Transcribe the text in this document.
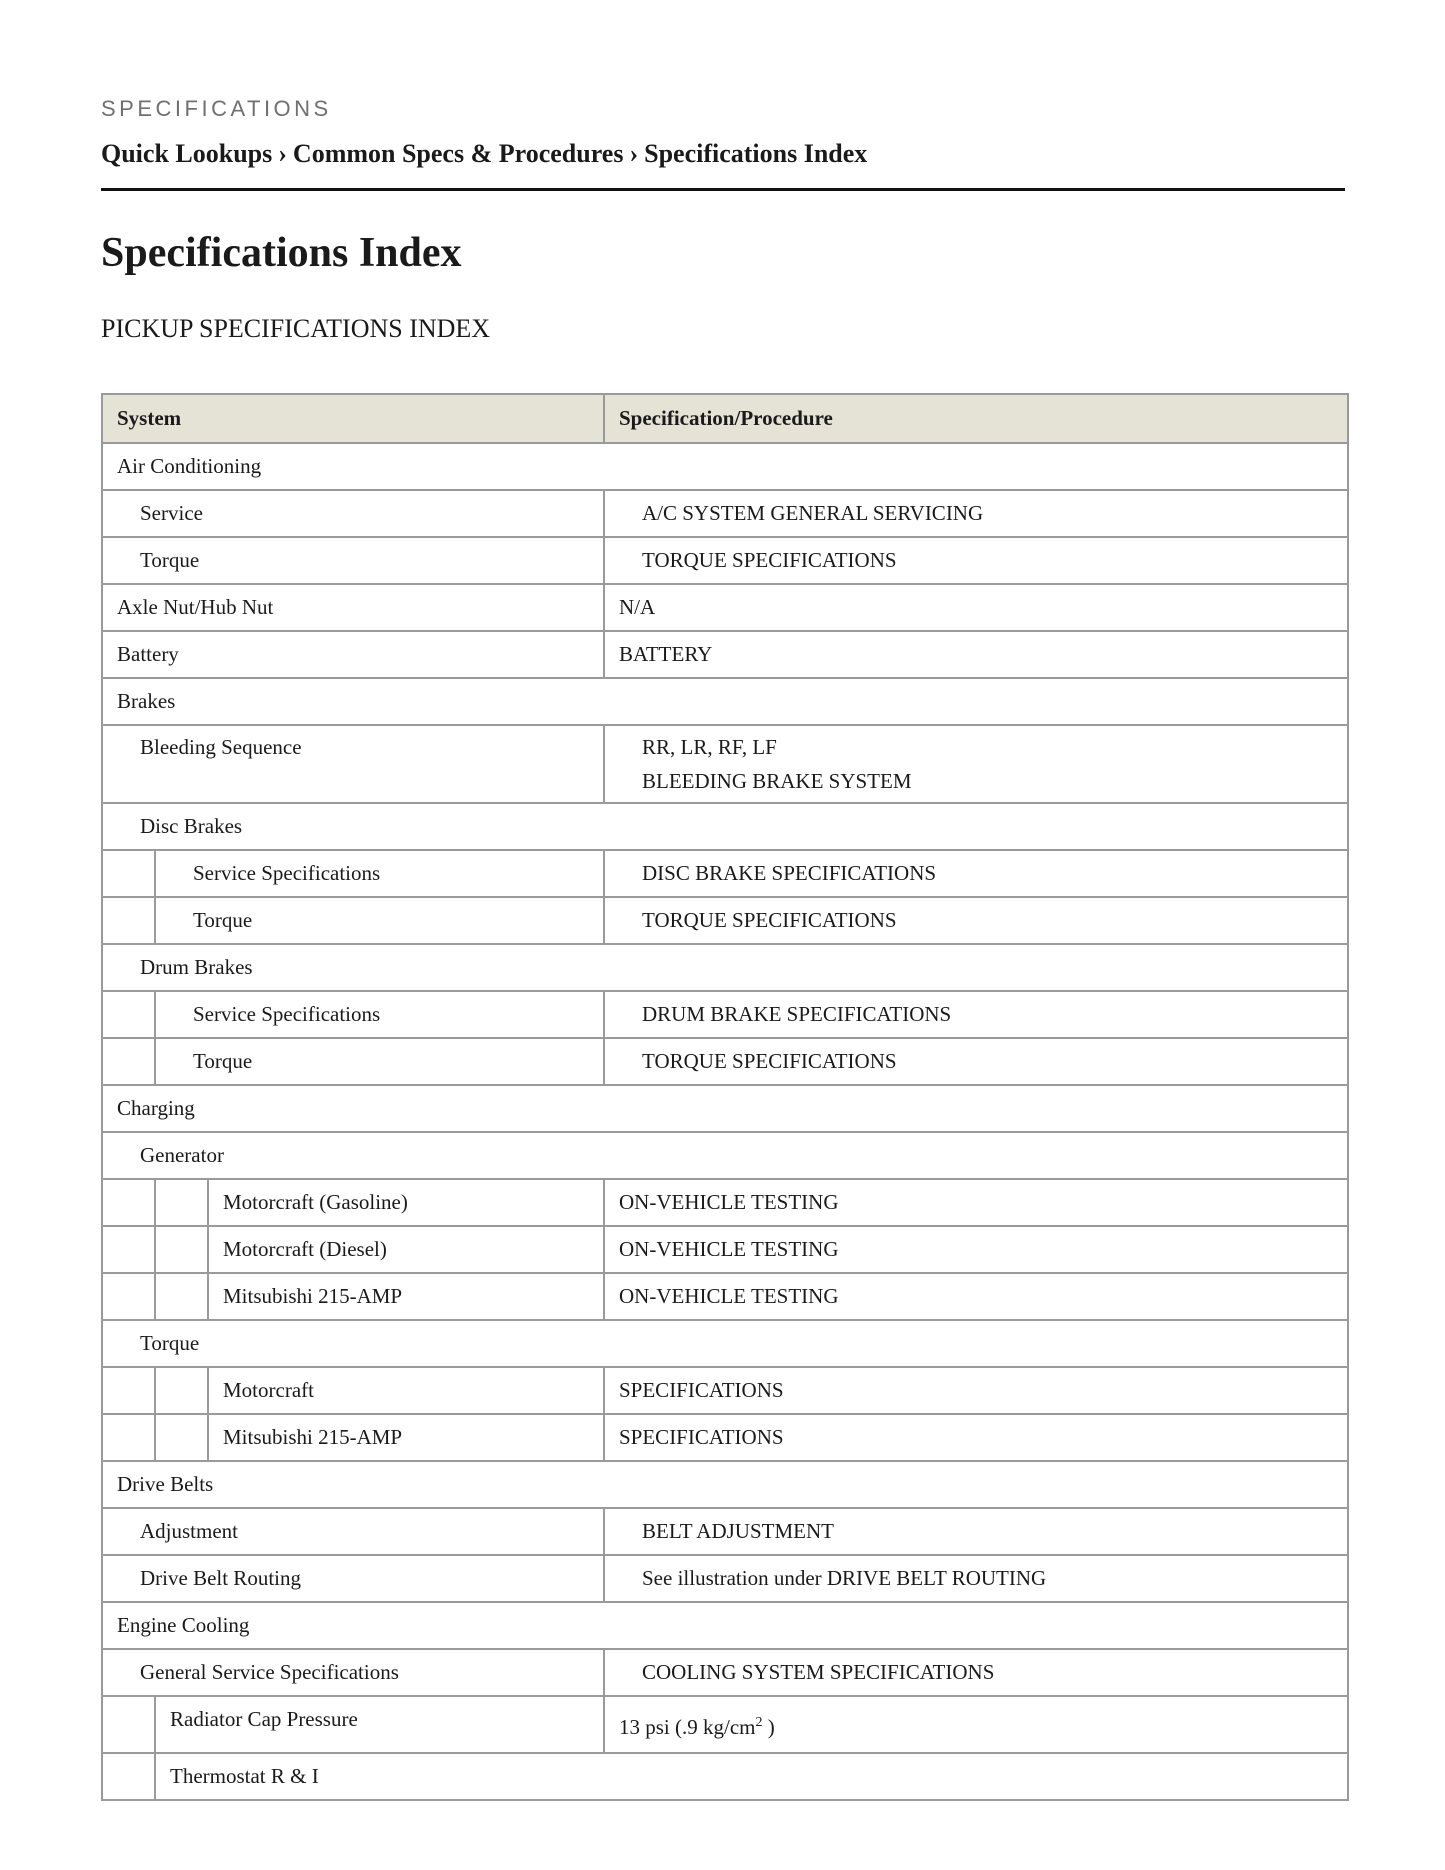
SPECIFICATIONS

Quick Lookups › Common Specs & Procedures › Specifications Index
Specifications Index
PICKUP SPECIFICATIONS INDEX
System			Specification/Procedure
Air Conditioning			
Service			A/C SYSTEM GENERAL SERVICING
Torque			TORQUE SPECIFICATIONS
Axle Nut/Hub Nut			N/A
Battery			BATTERY
Brakes			
Bleeding Sequence			RR, LR, RF, LF
BLEEDING BRAKE SYSTEM

Disc Brakes			
	Service Specifications		DISC BRAKE SPECIFICATIONS
	Torque		TORQUE SPECIFICATIONS
Drum Brakes			
	Service Specifications		DRUM BRAKE SPECIFICATIONS
	Torque		TORQUE SPECIFICATIONS
Charging			
Generator			
		Motorcraft (Gasoline)	ON-VEHICLE TESTING
		Motorcraft (Diesel)	ON-VEHICLE TESTING
		Mitsubishi 215-AMP	ON-VEHICLE TESTING
Torque			
		Motorcraft	SPECIFICATIONS
		Mitsubishi 215-AMP	SPECIFICATIONS
Drive Belts			
Adjustment			BELT ADJUSTMENT
Drive Belt Routing			See illustration under DRIVE BELT ROUTING
Engine Cooling			
General Service Specifications			COOLING SYSTEM SPECIFICATIONS
	Radiator Cap Pressure		13 psi (.9 $kg/cm^2$ )
	Thermostat R & I		
